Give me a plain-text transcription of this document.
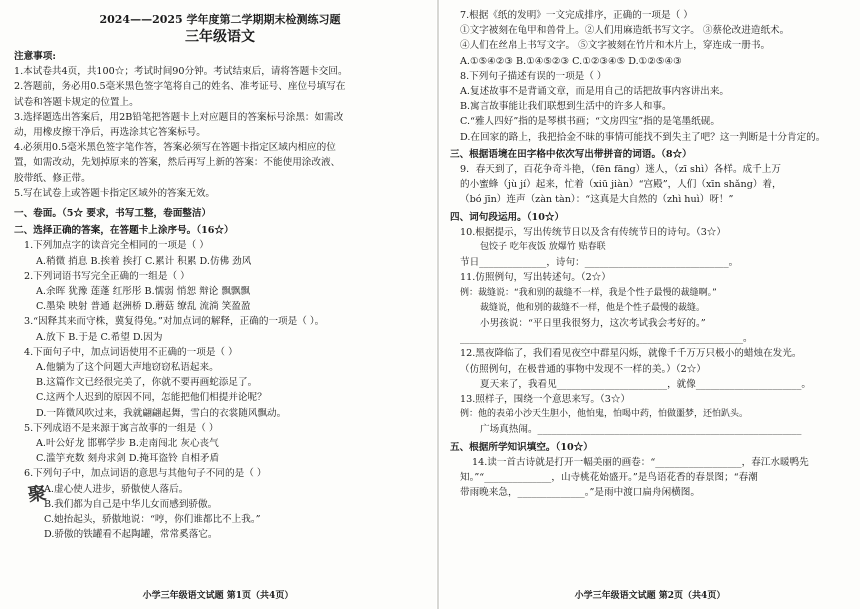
2024——2025 学年度第二学期期末检测练习题
三年级语文
注意事项:
1.本试卷共4页，共100☆；考试时间90分钟。考试结束后，请将答题卡交回。
2.答题前，务必用0.5毫米黑色签字笔将自己的姓名、准考证号、座位号填写在
试卷和答题卡规定的位置上。
3.选择题选出答案后，用2B铅笔把答题卡上对应题目的答案标号涂黑：如需改
动，用橡皮擦干净后，再选涂其它答案标号。
4.必须用0.5毫米黑色签字笔作答，答案必须写在答题卡指定区域内相应的位
置，如需改动，先划掉原来的答案，然后再写上新的答案：不能使用涂改液、
胶带纸、修正带。
5.写在试卷上或答题卡指定区域外的答案无效。
一、卷面。（5☆ 要求，书写工整，卷面整洁）
二、选择正确的答案，在答题卡上涂序号。（16☆）
1.下列加点字的读音完全相同的一项是（ ）
A.稍微 捎息 B.挨着 挨打 C.累计 积累 D.仿佛 劲风
2.下列词语书写完全正确的一组是（ ）
A.余晖 犹豫 莲蓬 红彤彤 B.懦弱 悄恕 辩论 飘飘飘
C.墨染 映射 普通 赵洲桥 D.蘑菇 缭乱 流淌 笑盈盈
3.“因释其来而守株，冀复得兔。”对加点词的解释，正确的一项是（ ）。
A.放下 B.于是 C.希望 D.因为
4.下面句子中，加点词语使用不正确的一项是（ ）
A.他躺为了这个问题大声地窃窃私语起来。
B.这篇作文已经很完美了，你就不要再画蛇添足了。
C.这两个人迟到的原因不同，怎能把他们相提并论呢？
D.一阵微风吹过来，我就翩翩起舞，雪白的衣裳随风飘动。
5.下列成语不是来源于寓言故事的一组是（ ）
A.叶公好龙 邯郸学步 B.走南闯北 灰心丧气
C.滥竽充数 刻舟求剑 D.掩耳盗铃 自相矛盾
6.下列句子中，加点词语的意思与其他句子不同的是（ ）
A.虚心使人进步，骄傲使人落后。
B.我们都为自己是中华儿女而感到骄傲。
C.她抬起头，骄傲地说：“哼，你们谁都比不上我。”
D.骄傲的铁罐看不起陶罐，常常奚落它。
聚
小学三年级语文试题 第1页（共4页）
7.根据《纸的发明》一文完成排序，正确的一项是（ ）
①文字被刻在龟甲和兽骨上。②人们用麻造纸书写文字。 ③蔡伦改进造纸术。
④人们在丝帛上书写文字。 ⑤文字被刻在竹片和木片上，穿连成一册书。
A.①⑤④②③ B.①④⑤②③ C.①②③④⑤ D.①②⑤④③
8.下列句子描述有误的一项是（ ）
A.复述故事不是背诵文章，而是用自己的话把故事内容讲出来。
B.寓言故事能让我们联想到生活中的许多人和事。
C.“雅人四好”指的是琴棋书画；“文房四宝”指的是笔墨纸砚。
D.在回家的路上，我把拾金不昧的事情可能找不到失主了吧？这一判断是十分肯定的。
三、根据语境在田字格中依次写出带拼音的词语。（8☆）
9．春天到了，百花争奇斗艳，（fēn fāng）迷人，（zī shì）各样。成千上万
的小蜜蜂（jù jí）起来，忙着（xiū jiàn）“宫殿”，人们（xīn shǎng）着，
（bó jīn）连声（zàn tàn）：“这真是大自然的（zhì huì）呀！”
四、词句段运用。（10☆）
10.根据提示，写出传统节日以及含有传统节日的诗句。（3☆）
包饺子 吃年夜饭 放爆竹 贴春联
节日______________，诗句：______________________________。
11.仿照例句，写出转述句。（2☆）
例：裁缝说：“我和别的裁缝不一样，我是个性子最慢的裁缝啊。”
裁缝说，他和别的裁缝不一样，他是个性子最慢的裁缝。
小男孩说：“平日里我很努力，这次考试我会考好的。”
___________________________________________________________。
12.黑夜降临了，我们看见夜空中群星闪烁，就像千千万万只极小的蜡烛在发光。
（仿照例句，在极普通的事物中发现不一样的美。）（2☆）
夏天来了，我看见_______________________，就像______________________。
13.照样子，围绕一个意思来写。（3☆）
例：他的表弟小沙天生胆小，他怕鬼，怕喝中药，怕做噩梦，还怕趴头。
广场真热闹。_______________________________________________________
五、根据所学知识填空。（10☆）
14.读一首古诗就是打开一幅美丽的画卷：“__________________，春江水暖鸭先
知。”“______________，山寺桃花始盛开。”是鸟语花香的春景图；“春潮
带雨晚来急，______________。”是雨中渡口扁舟闲横图。
小学三年级语文试题 第2页（共4页）
